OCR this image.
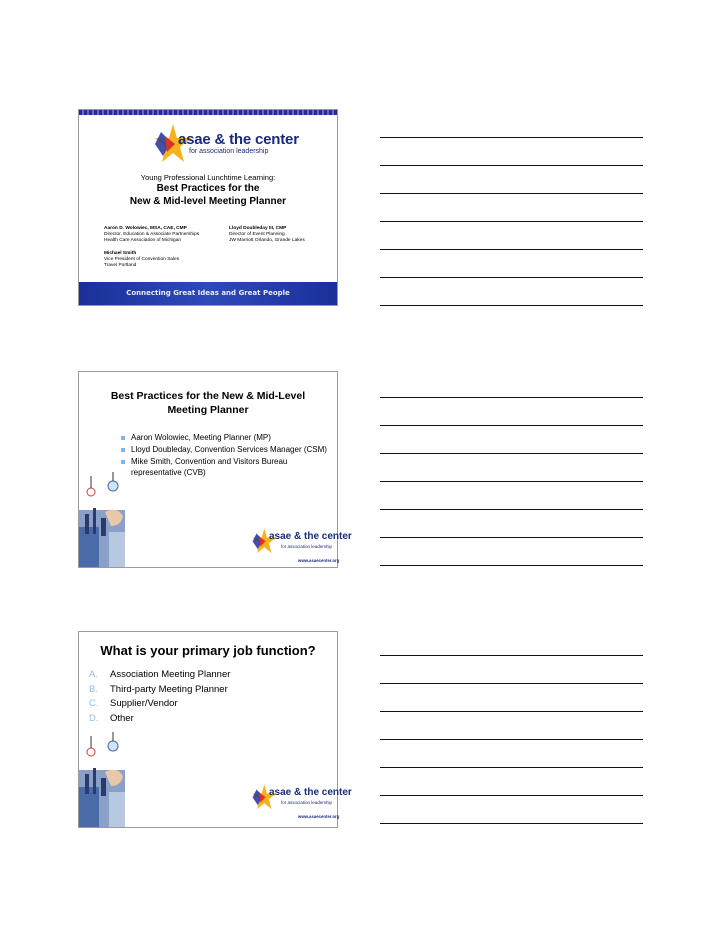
asae & the center
for association leadership
Young Professional Lunchtime Learning:
Best Practices for the
New & Mid-level Meeting Planner
Aaron D. Wolowiec, MSA, CAE, CMP
Director, Education & Associate Partnerships
Health Care Association of Michigan
Lloyd Doubleday III, CMP
Director of Event Planning
JW Marriott Orlando, Grande Lakes
Michael Smith
Vice President of Convention Sales
Travel Portland
Connecting Great Ideas and Great People
Best Practices for the New & Mid-Level
Meeting Planner
Aaron Wolowiec, Meeting Planner (MP)
Lloyd Doubleday, Convention Services Manager (CSM)
Mike Smith, Convention and Visitors Bureau representative (CVB)
asae & the center
for association leadership
www.asaecenter.org
What is your primary job function?
A. Association Meeting Planner
B. Third-party Meeting Planner
C. Supplier/Vendor
D. Other
asae & the center
for association leadership
www.asaecenter.org
